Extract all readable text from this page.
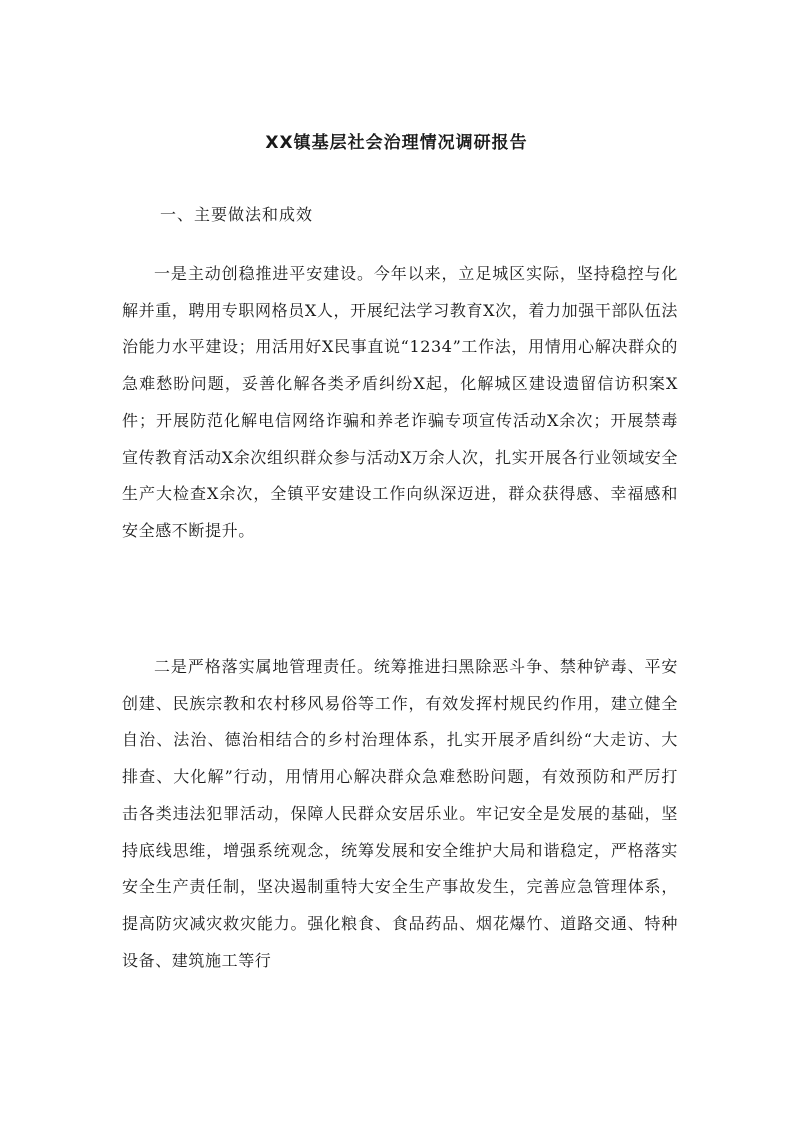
XX镇基层社会治理情况调研报告

一、主要做法和成效

一是主动创稳推进平安建设。今年以来，立足城区实际，坚持稳控与化解并重，聘用专职网格员X人，开展纪法学习教育X次，着力加强干部队伍法治能力水平建设；用活用好X民事直说“1234”工作法，用情用心解决群众的急难愁盼问题，妥善化解各类矛盾纠纷X起，化解城区建设遗留信访积案X件；开展防范化解电信网络诈骗和养老诈骗专项宣传活动X余次；开展禁毒宣传教育活动X余次组织群众参与活动X万余人次，扎实开展各行业领域安全生产大检查X余次，全镇平安建设工作向纵深迈进，群众获得感、幸福感和安全感不断提升。

二是严格落实属地管理责任。统筹推进扫黑除恶斗争、禁种铲毒、平安创建、民族宗教和农村移风易俗等工作，有效发挥村规民约作用，建立健全自治、法治、德治相结合的乡村治理体系，扎实开展矛盾纠纷“大走访、大排查、大化解”行动，用情用心解决群众急难愁盼问题，有效预防和严厉打击各类违法犯罪活动，保障人民群众安居乐业。牢记安全是发展的基础，坚持底线思维，增强系统观念，统筹发展和安全维护大局和谐稳定，严格落实安全生产责任制，坚决遏制重特大安全生产事故发生，完善应急管理体系，提高防灾减灾救灾能力。强化粮食、食品药品、烟花爆竹、道路交通、特种设备、建筑施工等行
